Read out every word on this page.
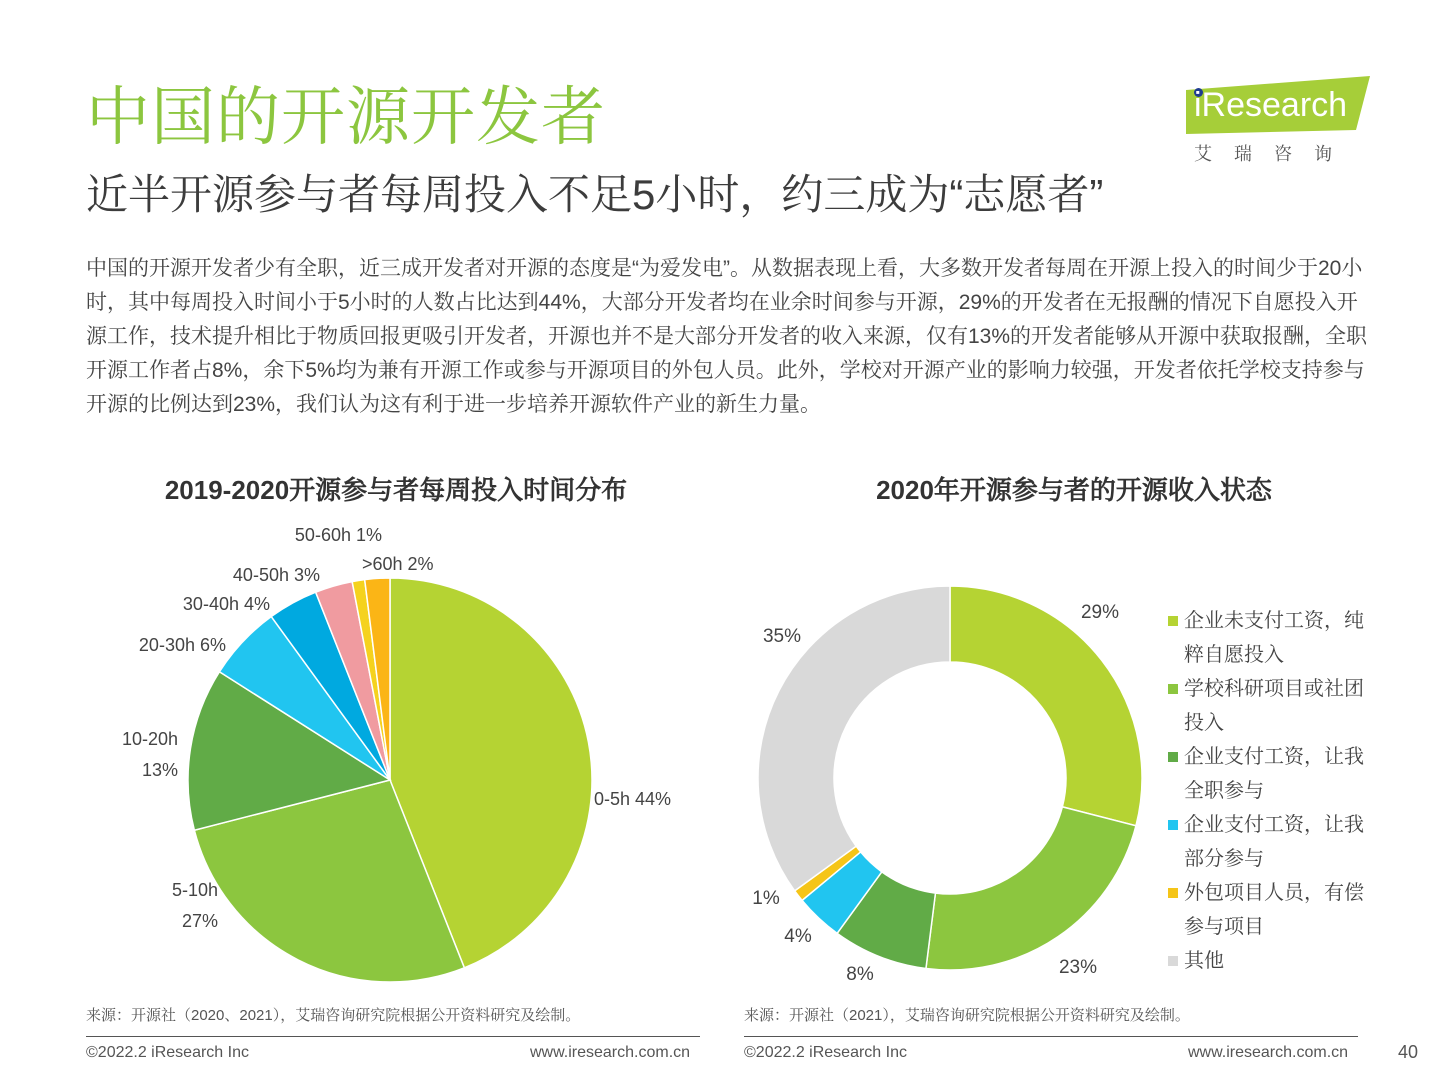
中国的开源开发者
近半开源参与者每周投入不足5小时，约三成为“志愿者”
中国的开源开发者少有全职，近三成开发者对开源的态度是“为爱发电”。从数据表现上看，大多数开发者每周在开源上投入的时间少于20小时，其中每周投入时间小于5小时的人数占比达到44%，大部分开发者均在业余时间参与开源，29%的开发者在无报酬的情况下自愿投入开源工作，技术提升相比于物质回报更吸引开发者，开源也并不是大部分开发者的收入来源，仅有13%的开发者能够从开源中获取报酬，全职开源工作者占8%，余下5%均为兼有开源工作或参与开源项目的外包人员。此外，学校对开源产业的影响力较强，开发者依托学校支持参与开源的比例达到23%，我们认为这有利于进一步培养开源软件产业的新生力量。
iResearch
艾瑞咨询
2019-2020开源参与者每周投入时间分布	2020年开源参与者的开源收入状态
0-5h 44%
5-10h 27%
10-20h 13%
20-30h 6%
30-40h 4%
40-50h 3%
50-60h 1%
>60h 2%
29%
23%
8%
4%
1%
35%
企业未支付工资，纯粹自愿投入
学校科研项目或社团投入
企业支付工资，让我全职参与
企业支付工资，让我部分参与
外包项目人员，有偿参与项目
其他
来源：开源社（2020、2021），艾瑞咨询研究院根据公开资料研究及绘制。	来源：开源社（2021），艾瑞咨询研究院根据公开资料研究及绘制。
©2022.2 iResearch Inc	www.iresearch.com.cn	©2022.2 iResearch Inc	www.iresearch.com.cn	40
